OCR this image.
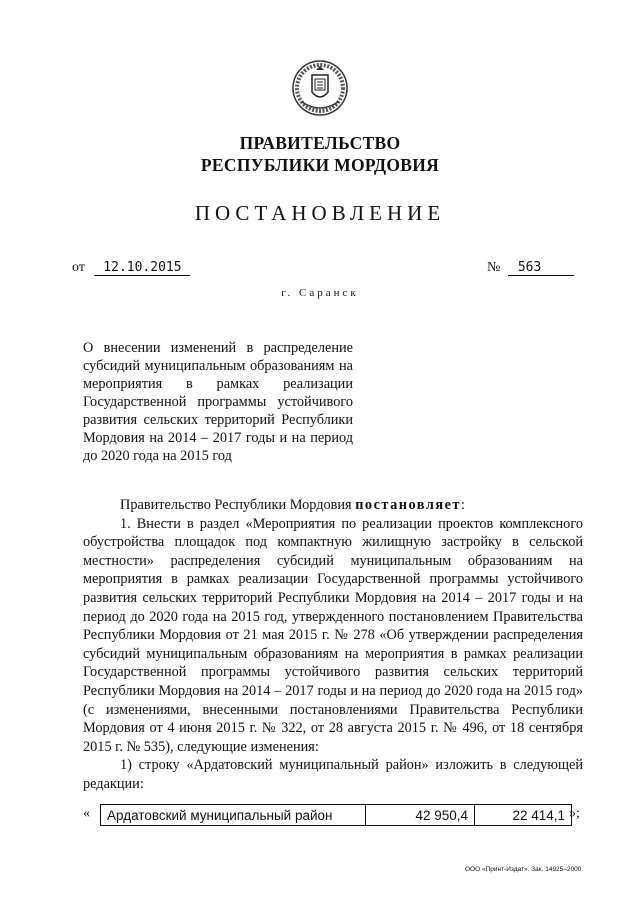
ПРАВИТЕЛЬСТВО
РЕСПУБЛИКИ МОРДОВИЯ
ПОСТАНОВЛЕНИЕ
от 12.10.2015	№ 563
г. Саранск
О внесении изменений в распределение субсидий муниципальным образованиям на мероприятия в рамках реализации Государственной программы устойчивого развития сельских территорий Республики Мордовия на 2014 – 2017 годы и на период до 2020 года на 2015 год

Правительство Республики Мордовия постановляет:

1. Внести в раздел «Мероприятия по реализации проектов комплексного обустройства площадок под компактную жилищную застройку в сельской местности» распределения субсидий муниципальным образованиям на мероприятия в рамках реализации Государственной программы устойчивого развития сельских территорий Республики Мордовия на 2014 – 2017 годы и на период до 2020 года на 2015 год, утвержденного постановлением Правительства Республики Мордовия от 21 мая 2015 г. № 278 «Об утверждении распределения субсидий муниципальным образованиям на мероприятия в рамках реализации Государственной программы устойчивого развития сельских территорий Республики Мордовия на 2014 – 2017 годы и на период до 2020 года на 2015 год» (с изменениями, внесенными постановлениями Правительства Республики Мордовия от 4 июня 2015 г. № 322, от 28 августа 2015 г. № 496, от 18 сентября 2015 г. № 535), следующие изменения:

1) строку «Ардатовский муниципальный район» изложить в следующей редакции:

« Ардатовский муниципальный район	42 950,4	22 414,1 »;
ООО «Принт-Издат». Зак. 14925–2000.
